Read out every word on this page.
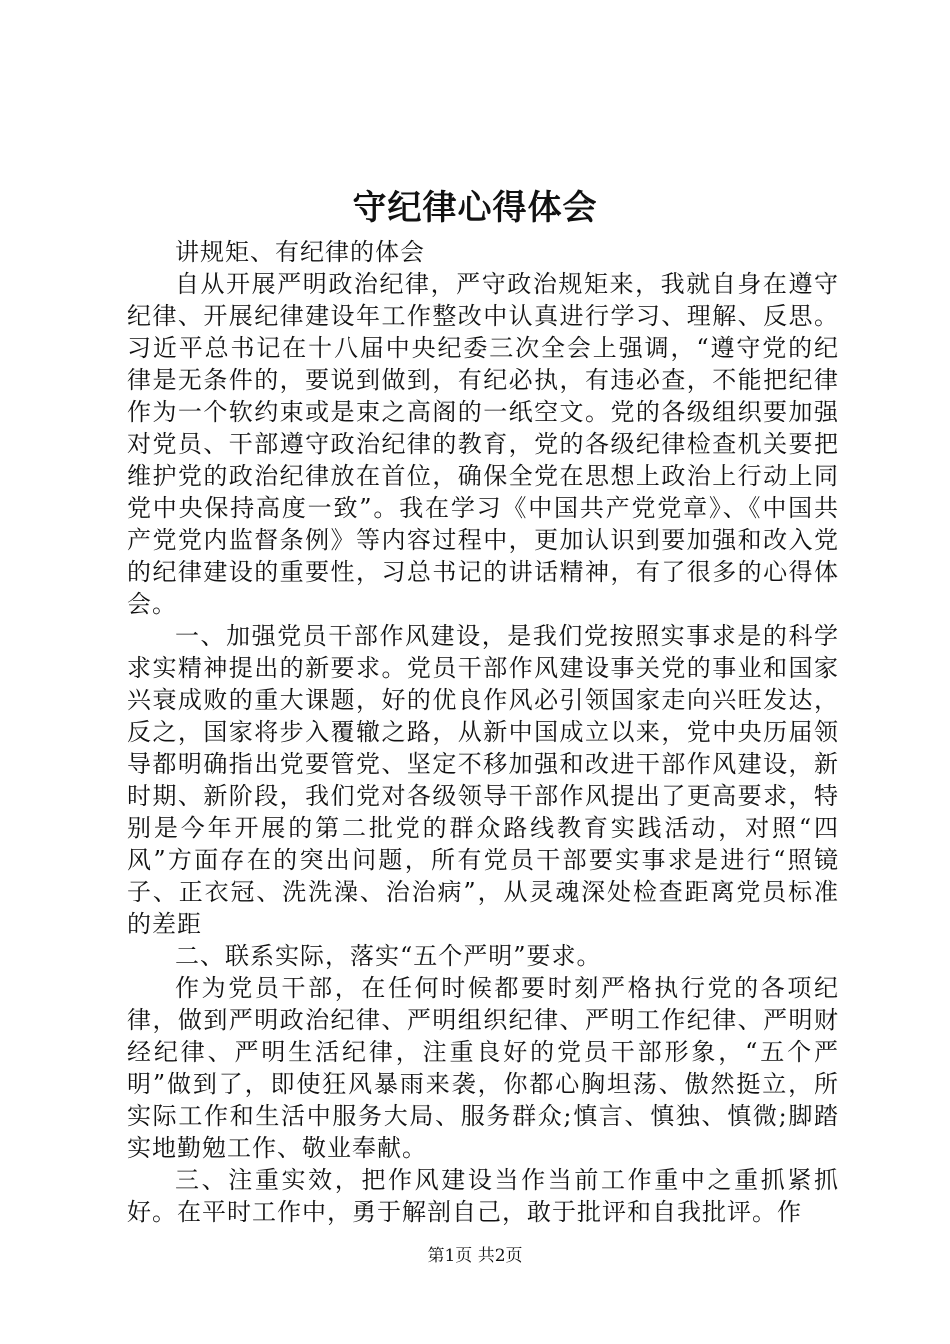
守纪律心得体会

讲规矩、有纪律的体会

自从开展严明政治纪律，严守政治规矩来，我就自身在遵守纪律、开展纪律建设年工作整改中认真进行学习、理解、反思。习近平总书记在十八届中央纪委三次全会上强调，“遵守党的纪律是无条件的，要说到做到，有纪必执，有违必查，不能把纪律作为一个软约束或是束之高阁的一纸空文。党的各级组织要加强对党员、干部遵守政治纪律的教育，党的各级纪律检查机关要把维护党的政治纪律放在首位，确保全党在思想上政治上行动上同党中央保持高度一致”。我在学习《中国共产党党章》、《中国共产党党内监督条例》等内容过程中，更加认识到要加强和改入党的纪律建设的重要性，习总书记的讲话精神，有了很多的心得体会。

一、加强党员干部作风建设，是我们党按照实事求是的科学求实精神提出的新要求。党员干部作风建设事关党的事业和国家兴衰成败的重大课题，好的优良作风必引领国家走向兴旺发达，反之，国家将步入覆辙之路，从新中国成立以来，党中央历届领导都明确指出党要管党、坚定不移加强和改进干部作风建设，新时期、新阶段，我们党对各级领导干部作风提出了更高要求，特别是今年开展的第二批党的群众路线教育实践活动，对照“四风”方面存在的突出问题，所有党员干部要实事求是进行“照镜子、正衣冠、洗洗澡、治治病”，从灵魂深处检查距离党员标准的差距

二、联系实际，落实“五个严明”要求。

作为党员干部，在任何时候都要时刻严格执行党的各项纪律，做到严明政治纪律、严明组织纪律、严明工作纪律、严明财经纪律、严明生活纪律，注重良好的党员干部形象，“五个严明”做到了，即使狂风暴雨来袭，你都心胸坦荡、傲然挺立，所实际工作和生活中服务大局、服务群众;慎言、慎独、慎微;脚踏实地勤勉工作、敬业奉献。

三、注重实效，把作风建设当作当前工作重中之重抓紧抓好。在平时工作中，勇于解剖自己，敢于批评和自我批评。作

第1页 共2页
